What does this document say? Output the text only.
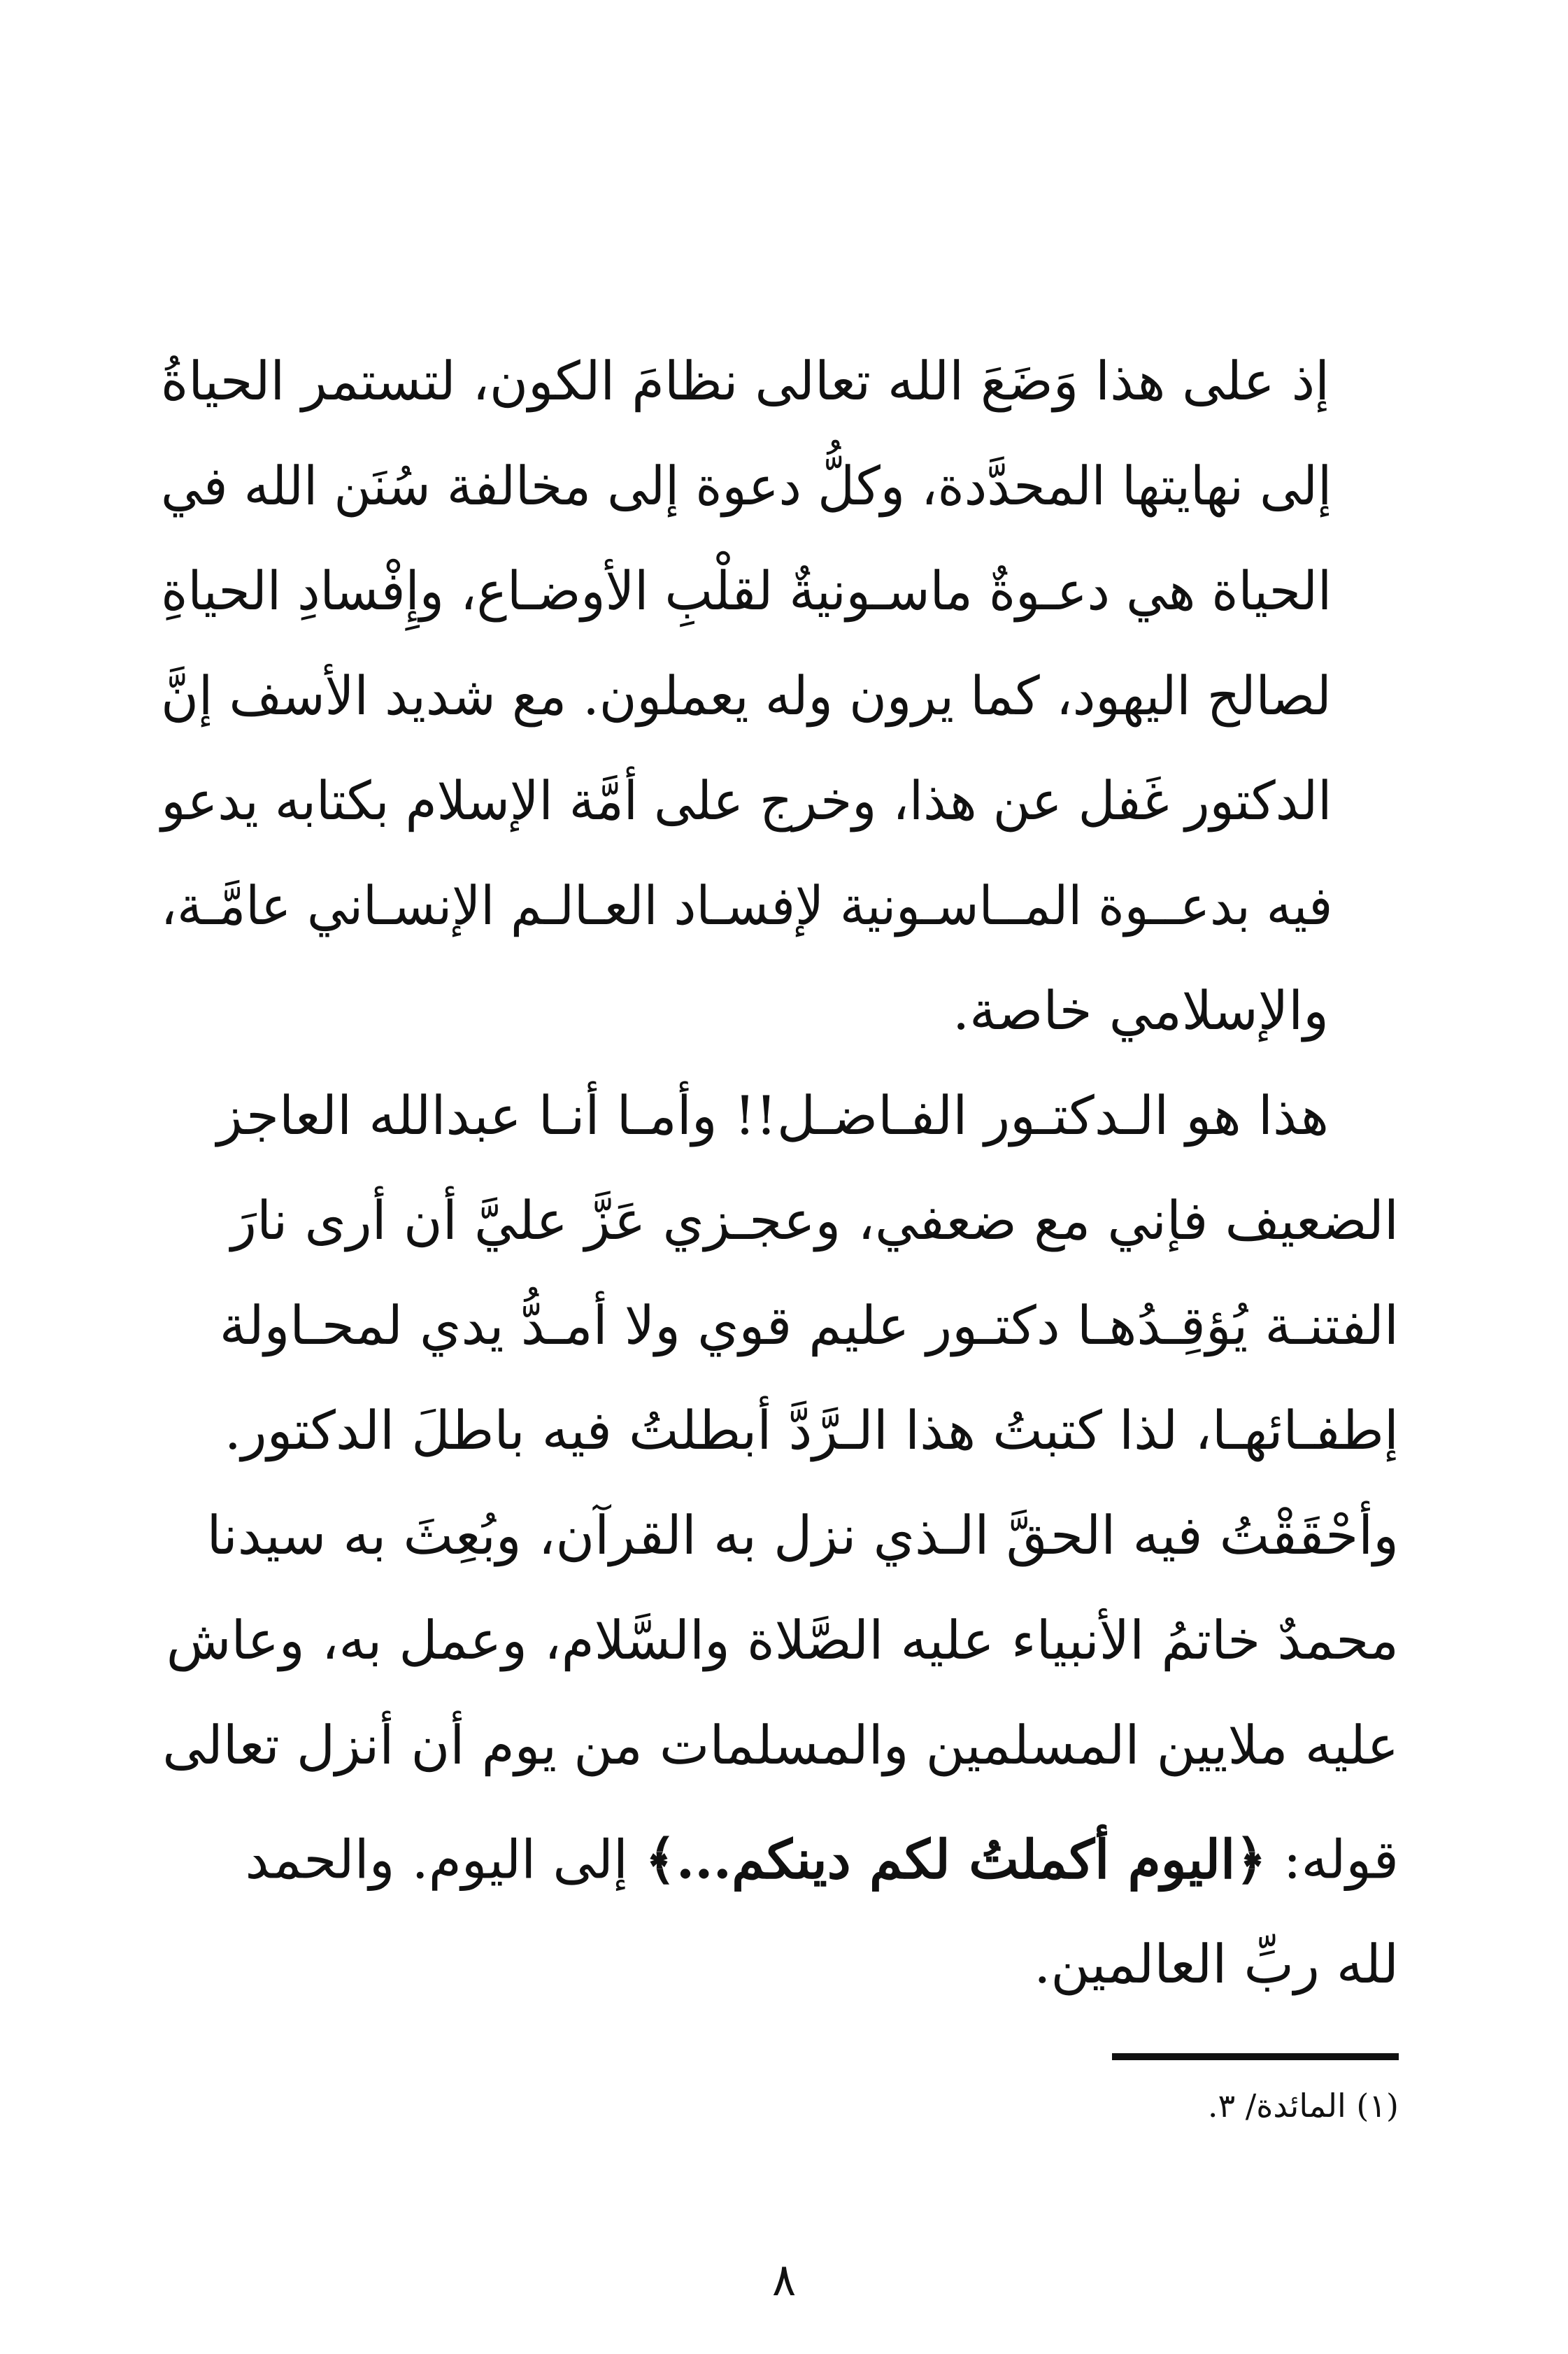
إذ على هذا وَضَعَ الله تعالى نظامَ الكون، لتستمر الحياةُ
إلى نهايتها المحدَّدة، وكلُّ دعوة إلى مخالفة سُنَن الله في
الحياة هي دعـوةٌ ماسـونيةٌ لقلْبِ الأوضـاع، وإِفْسادِ الحياةِ
لصالح اليهود، كما يرون وله يعملون. مع شديد الأسف إنَّ
الدكتور غَفل عن هذا، وخرج على أمَّة الإسلام بكتابه يدعو
فيه بدعــوة المــاسـونية لإفسـاد العـالـم الإنسـاني عامَّـة،
والإسلامي خاصة.

هذا هو الـدكتـور الفـاضـل!! وأمـا أنـا عبدالله العاجز
الضعيف فإني مع ضعفي، وعجـزي عَزَّ عليَّ أن أرى نارَ
الفتنـة يُؤقِـدُهـا دكتـور عليم قوي ولا أمـدُّ يدي لمحـاولة
إطفـائهـا، لذا كتبتُ هذا الـرَّدَّ أبطلتُ فيه باطلَ الدكتور.
وأحْقَقْتُ فيه الحقَّ الـذي نزل به القرآن، وبُعِثَ به سيدنا
محمدٌ خاتمُ الأنبياء عليه الصَّلاة والسَّلام، وعمل به، وعاش
عليه ملايين المسلمين والمسلمات من يوم أن أنزل تعالى
قوله: ﴿اليوم أكملتُ لكم دينكم...﴾ إلى اليوم. والحمد
لله ربِّ العالمين.

(١) المائدة/ ٣.
٨
